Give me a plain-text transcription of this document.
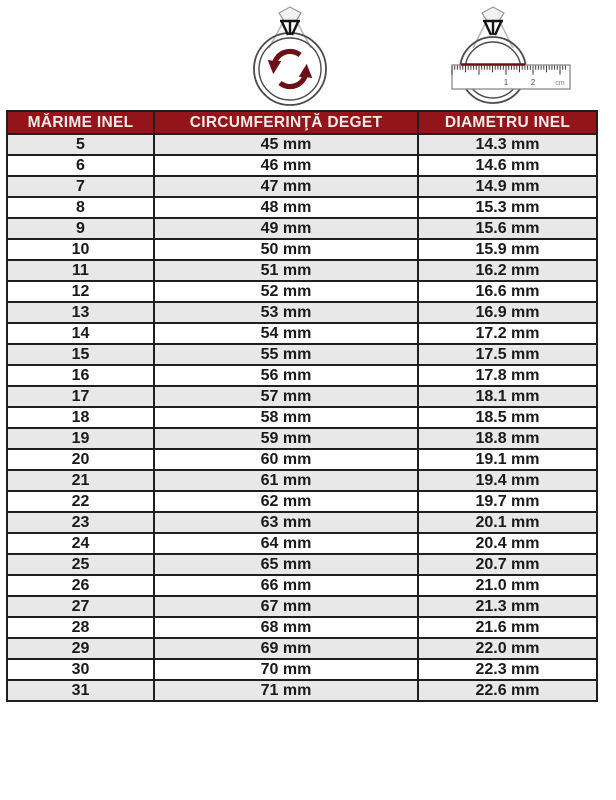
1	2	cm
MĂRIME INEL	CIRCUMFERINŢĂ DEGET	DIAMETRU INEL
5	45 mm	14.3 mm
6	46 mm	14.6 mm
7	47 mm	14.9 mm
8	48 mm	15.3 mm
9	49 mm	15.6 mm
10	50 mm	15.9 mm
11	51 mm	16.2 mm
12	52 mm	16.6 mm
13	53 mm	16.9 mm
14	54 mm	17.2 mm
15	55 mm	17.5 mm
16	56 mm	17.8 mm
17	57 mm	18.1 mm
18	58 mm	18.5 mm
19	59 mm	18.8 mm
20	60 mm	19.1 mm
21	61 mm	19.4 mm
22	62 mm	19.7 mm
23	63 mm	20.1 mm
24	64 mm	20.4 mm
25	65 mm	20.7 mm
26	66 mm	21.0 mm
27	67 mm	21.3 mm
28	68 mm	21.6 mm
29	69 mm	22.0 mm
30	70 mm	22.3 mm
31	71 mm	22.6 mm
